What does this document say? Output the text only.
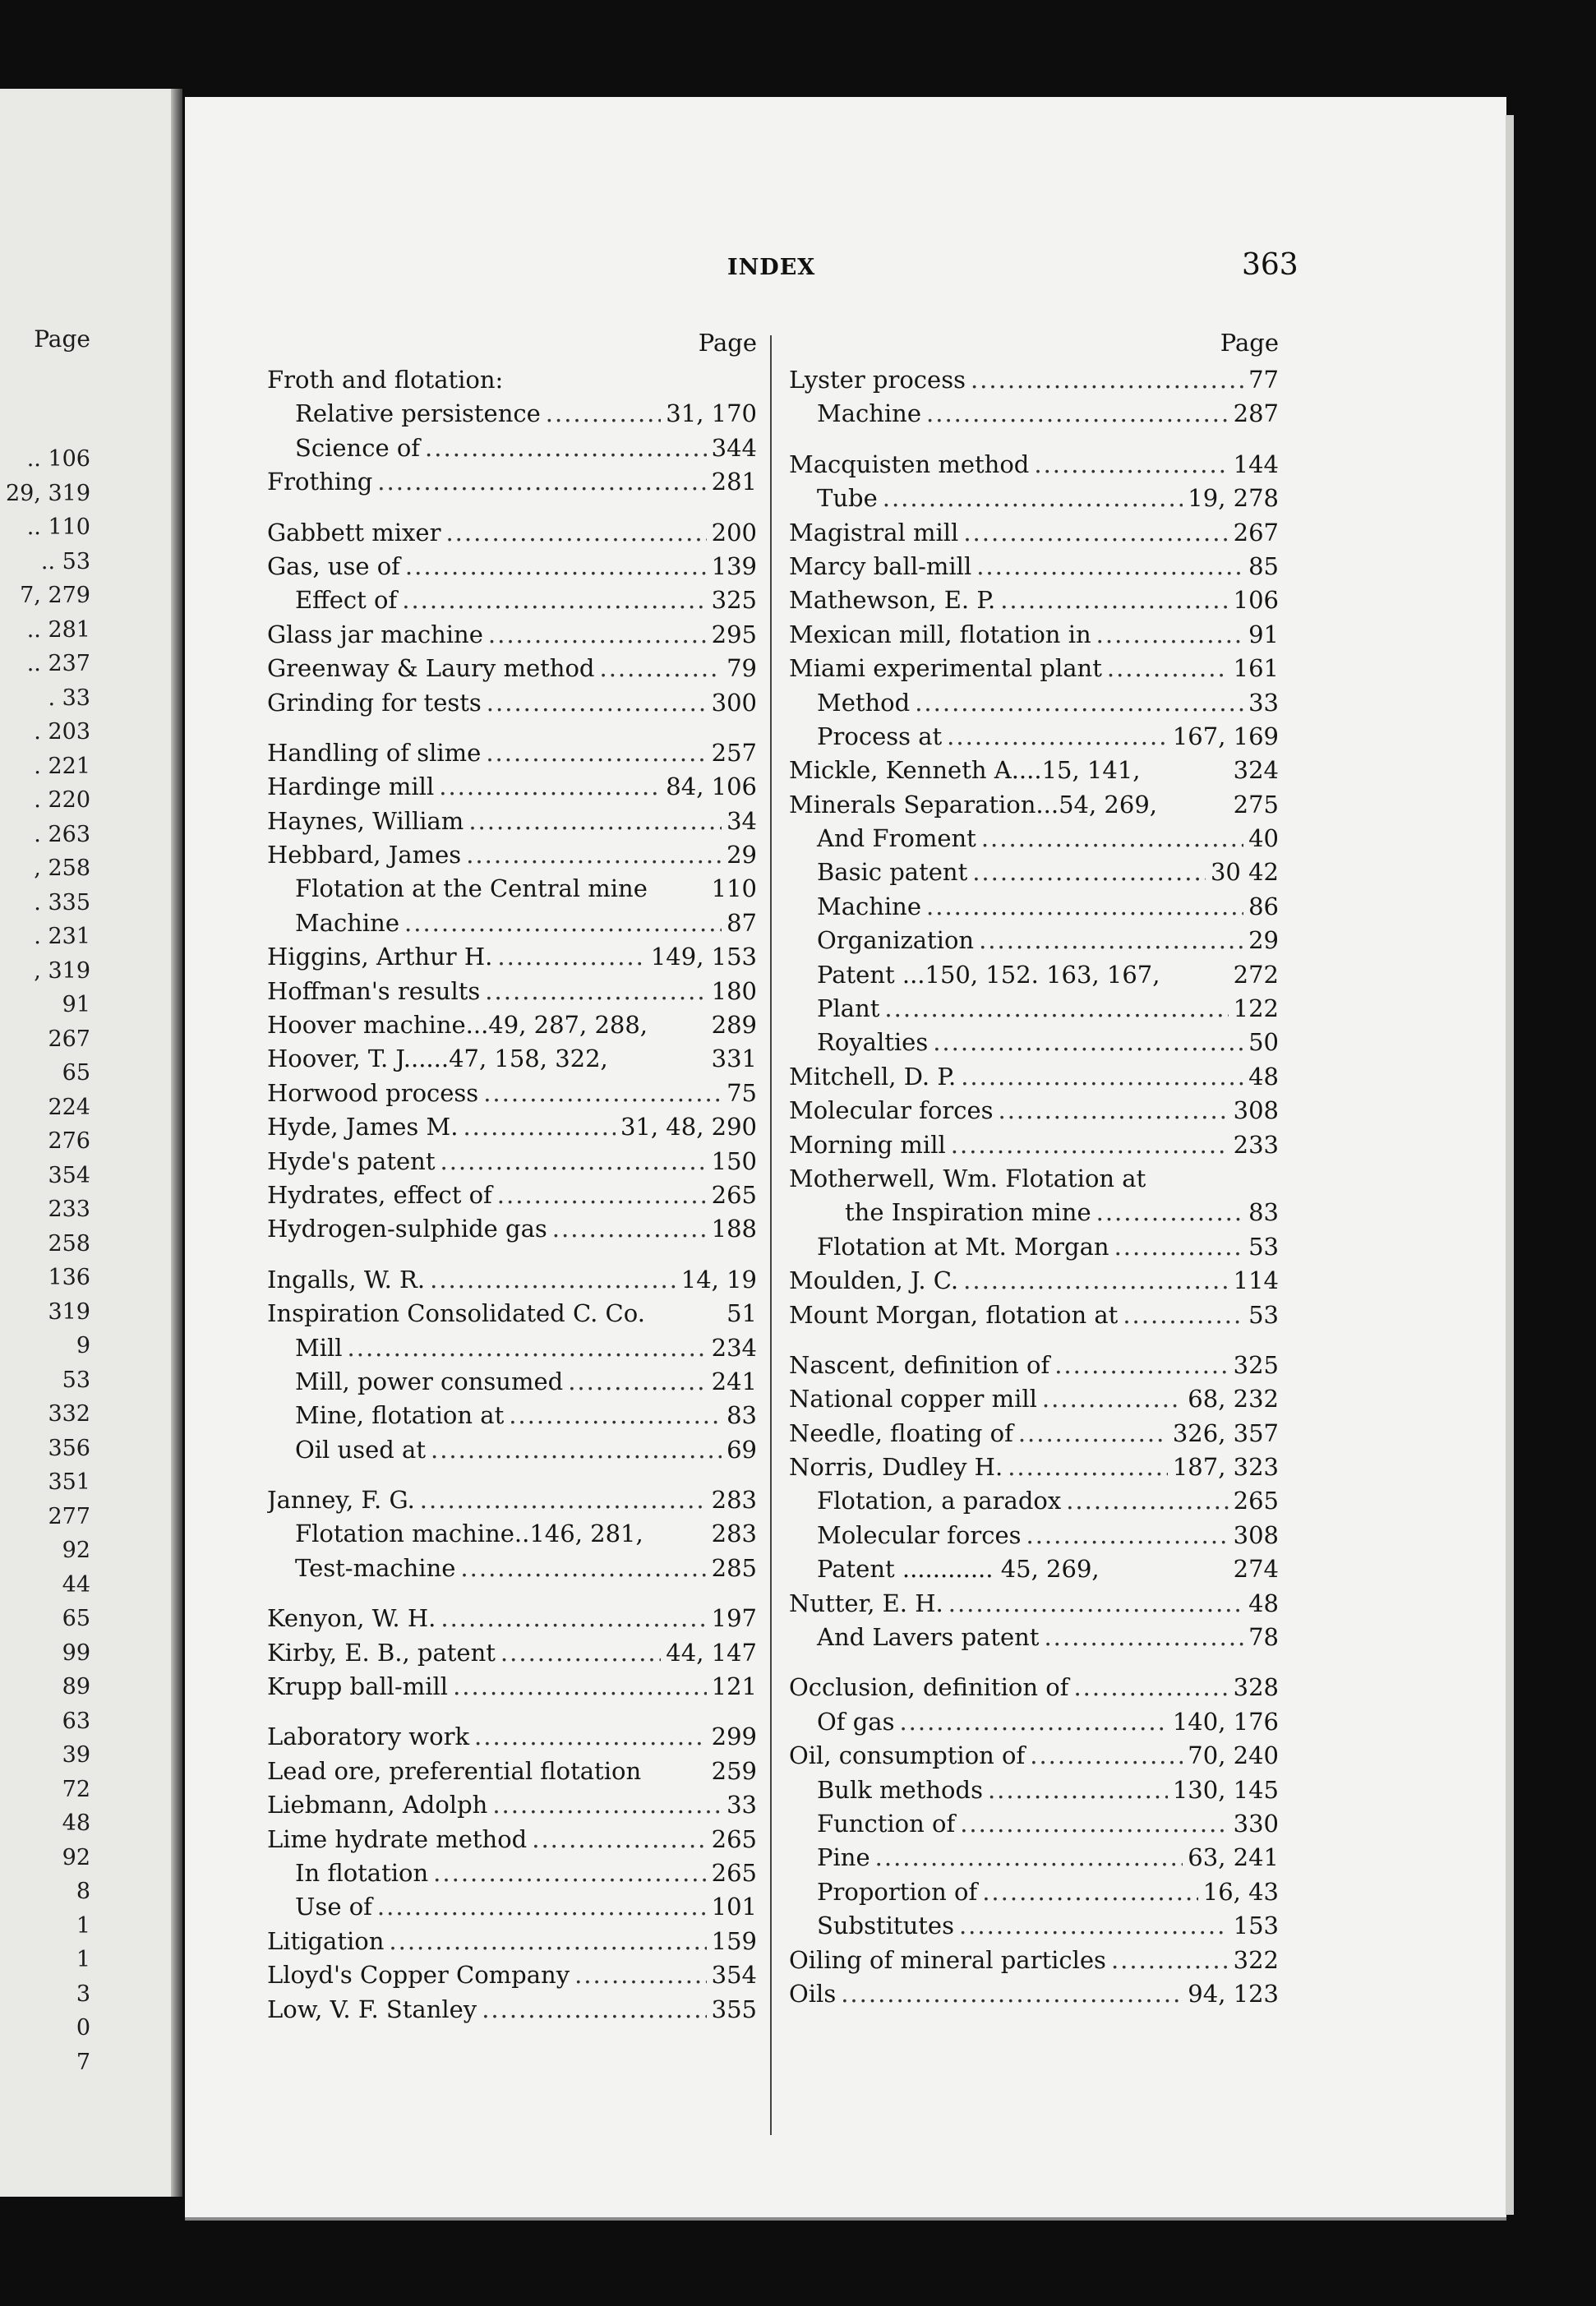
Page
.. 106
29, 319
.. 110
.. 53
7, 279
.. 281
.. 237
. 33
. 203
. 221
. 220
. 263
, 258
. 335
. 231
, 319
91
267
65
224
276
354
233
258
136
319
9
53
332
356
351
277
92
44
65
99
89
63
39
72
48
92
8
1
1
3
0
7
INDEX	363
Page
Froth and flotation:
Relative persistence .....	31, 170
Science of .....	344
Frothing .....	281
Gabbett mixer .....	200
Gas, use of .....	139
Effect of .....	325
Glass jar machine .....	295
Greenway & Laury method .....	79
Grinding for tests .....	300
Handling of slime .....	257
Hardinge mill .....	84, 106
Haynes, William .....	34
Hebbard, James .....	29
Flotation at the Central mine	110
Machine .....	87
Higgins, Arthur H. .....	149, 153
Hoffman's results .....	180
Hoover machine...49, 287, 288,	289
Hoover, T. J......47, 158, 322,	331
Horwood process .....	75
Hyde, James M. .....	31, 48, 290
Hyde's patent .....	150
Hydrates, effect of .....	265
Hydrogen-sulphide gas .....	188
Ingalls, W. R. .....	14, 19
Inspiration Consolidated C. Co.	51
Mill .....	234
Mill, power consumed .....	241
Mine, flotation at .....	83
Oil used at .....	69
Janney, F. G. .....	283
Flotation machine..146, 281,	283
Test-machine .....	285
Kenyon, W. H. .....	197
Kirby, E. B., patent .....	44, 147
Krupp ball-mill .....	121
Laboratory work .....	299
Lead ore, preferential flotation	259
Liebmann, Adolph .....	33
Lime hydrate method .....	265
In flotation .....	265
Use of .....	101
Litigation .....	159
Lloyd's Copper Company .....	354
Low, V. F. Stanley .....	355
Page
Lyster process .....	77
Machine .....	287
Macquisten method .....	144
Tube .....	19, 278
Magistral mill .....	267
Marcy ball-mill .....	85
Mathewson, E. P. .....	106
Mexican mill, flotation in .....	91
Miami experimental plant .....	161
Method .....	33
Process at .....	167, 169
Mickle, Kenneth A....15, 141,	324
Minerals Separation...54, 269,	275
And Froment .....	40
Basic patent .....	30 42
Machine .....	86
Organization .....	29
Patent ...150, 152. 163, 167,	272
Plant .....	122
Royalties .....	50
Mitchell, D. P. .....	48
Molecular forces .....	308
Morning mill .....	233
Motherwell, Wm. Flotation at
the Inspiration mine .....	83
Flotation at Mt. Morgan .....	53
Moulden, J. C. .....	114
Mount Morgan, flotation at .....	53
Nascent, definition of .....	325
National copper mill .....	68, 232
Needle, floating of .....	326, 357
Norris, Dudley H. .....	187, 323
Flotation, a paradox .....	265
Molecular forces .....	308
Patent ............ 45, 269,	274
Nutter, E. H. .....	48
And Lavers patent .....	78
Occlusion, definition of .....	328
Of gas .....	140, 176
Oil, consumption of .....	70, 240
Bulk methods .....	130, 145
Function of .....	330
Pine .....	63, 241
Proportion of .....	16, 43
Substitutes .....	153
Oiling of mineral particles .....	322
Oils .....	94, 123
